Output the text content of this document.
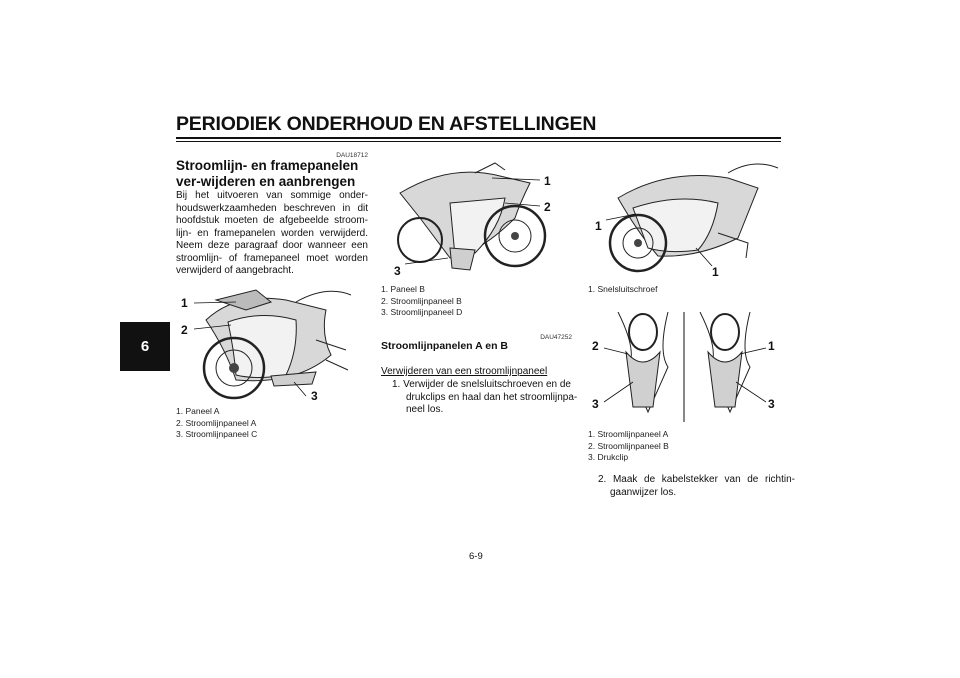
PERIODIEK ONDERHOUD EN AFSTELLINGEN
6
DAU18712
Stroomlijn- en framepanelen ver-wijderen en aanbrengen
Bij het uitvoeren van sommige onder-houdswerkzaamheden beschreven in dit hoofdstuk moeten de afgebeelde stroom-lijn- en framepanelen worden verwijderd. Neem deze paragraaf door wanneer een stroomlijn- of framepaneel moet worden verwijderd of aangebracht.
1
2
3
1. Paneel A
2. Stroomlijnpaneel A
3. Stroomlijnpaneel C
1
2
3
1. Paneel B
2. Stroomlijnpaneel B
3. Stroomlijnpaneel D
DAU47252
Stroomlijnpanelen A en B
Verwijderen van een stroomlijnpaneel
1. Verwijder de snelsluitschroeven en de drukclips en haal dan het stroomlijnpa-neel los.
1
1
1. Snelsluitschroef
2
3
1
3
1. Stroomlijnpaneel A
2. Stroomlijnpaneel B
3. Drukclip
2. Maak de kabelstekker van de richtin-gaanwijzer los.
6-9
